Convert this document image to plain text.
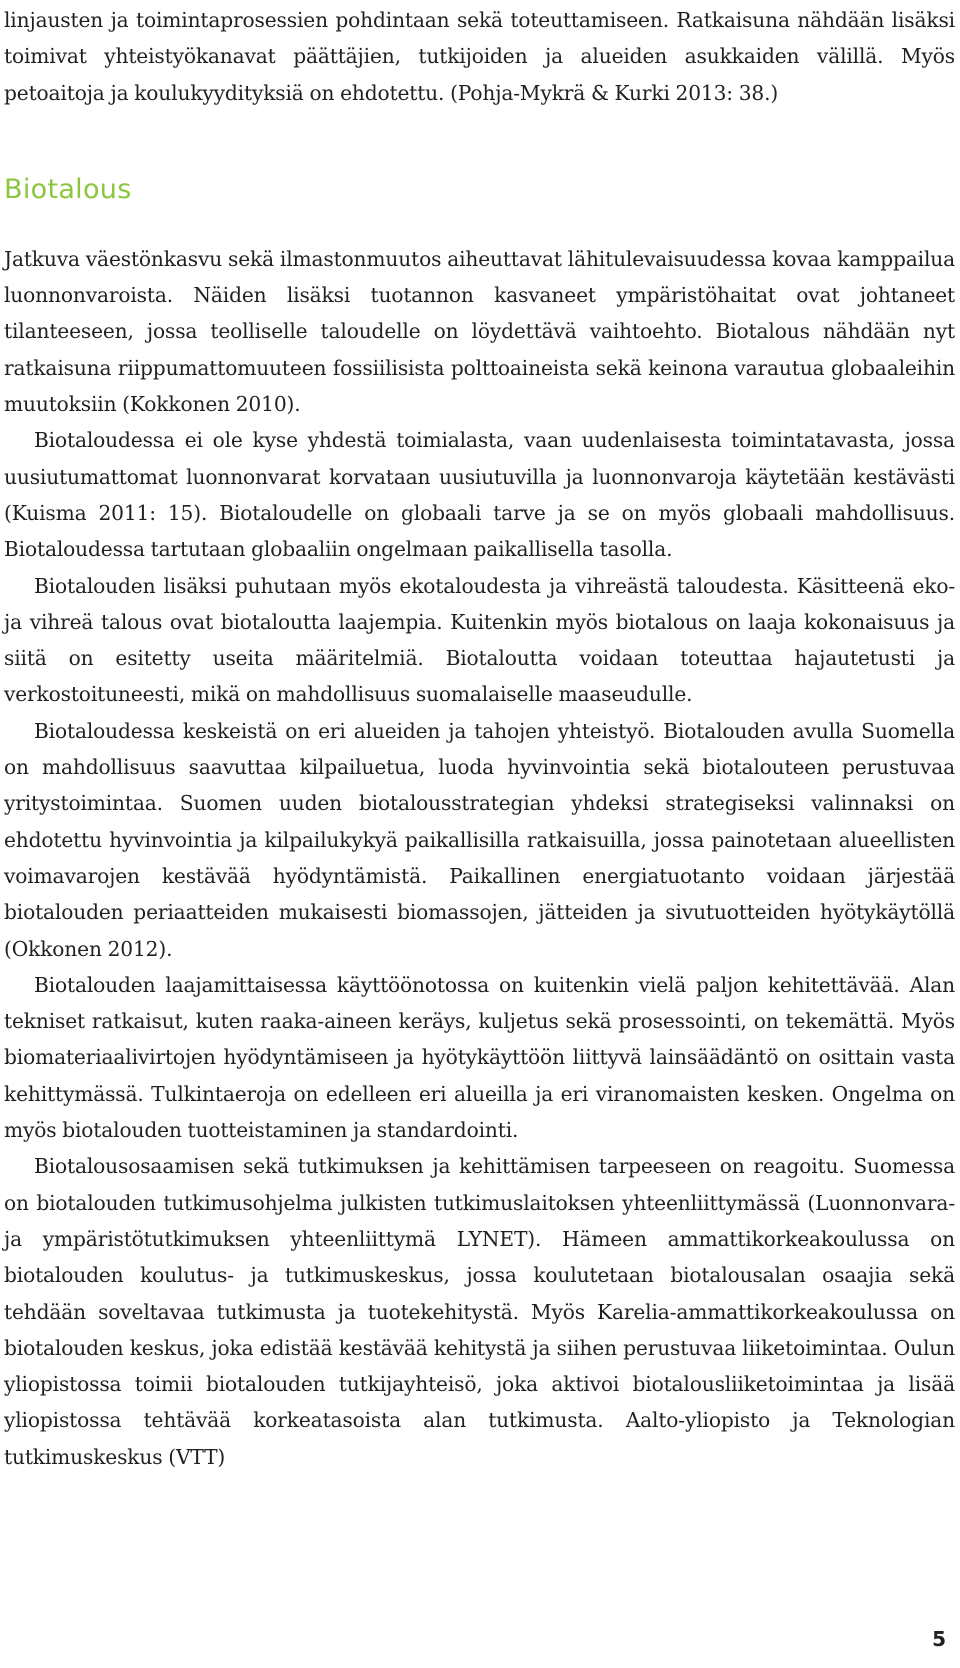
linjausten ja toimintaprosessien pohdintaan sekä toteuttamiseen. Ratkaisuna nähdään lisäksi toimivat yhteistyökanavat päättäjien, tutkijoiden ja alueiden asukkaiden välillä. Myös petoaitoja ja koulukyydityksiä on ehdotettu. (Pohja-Mykrä & Kurki 2013: 38.)

Biotalous

Jatkuva väestönkasvu sekä ilmastonmuutos aiheuttavat lähitulevaisuudessa kovaa kamppailua luonnonvaroista. Näiden lisäksi tuotannon kasvaneet ympäristöhaitat ovat johtaneet tilanteeseen, jossa teolliselle taloudelle on löydettävä vaihtoehto. Biotalous nähdään nyt ratkaisuna riippumattomuuteen fossiilisista polttoaineista sekä keinona varautua globaaleihin muutoksiin (Kokkonen 2010).

Biotaloudessa ei ole kyse yhdestä toimialasta, vaan uudenlaisesta toimintatavasta, jossa uusiutumattomat luonnonvarat korvataan uusiutuvilla ja luonnonvaroja käytetään kestävästi (Kuisma 2011: 15). Biotaloudelle on globaali tarve ja se on myös globaali mahdollisuus. Biotaloudessa tartutaan globaaliin ongelmaan paikallisella tasolla.

Biotalouden lisäksi puhutaan myös ekotaloudesta ja vihreästä taloudesta. Käsitteenä eko- ja vihreä talous ovat biotaloutta laajempia. Kuitenkin myös biotalous on laaja kokonaisuus ja siitä on esitetty useita määritelmiä. Biotaloutta voidaan toteuttaa hajautetusti ja verkostoituneesti, mikä on mahdollisuus suomalaiselle maaseudulle.

Biotaloudessa keskeistä on eri alueiden ja tahojen yhteistyö. Biotalouden avulla Suomella on mahdollisuus saavuttaa kilpailuetua, luoda hyvinvointia sekä biotalouteen perustuvaa yritystoimintaa. Suomen uuden biotalousstrategian yhdeksi strategiseksi valinnaksi on ehdotettu hyvinvointia ja kilpailukykyä paikallisilla ratkaisuilla, jossa painotetaan alueellisten voimavarojen kestävää hyödyntämistä. Paikallinen energiatuotanto voidaan järjestää biotalouden periaatteiden mukaisesti biomassojen, jätteiden ja sivutuotteiden hyötykäytöllä (Okkonen 2012).

Biotalouden laajamittaisessa käyttöönotossa on kuitenkin vielä paljon kehitettävää. Alan tekniset ratkaisut, kuten raaka-aineen keräys, kuljetus sekä prosessointi, on tekemättä. Myös biomateriaalivirtojen hyödyntämiseen ja hyötykäyttöön liittyvä lainsäädäntö on osittain vasta kehittymässä. Tulkintaeroja on edelleen eri alueilla ja eri viranomaisten kesken. Ongelma on myös biotalouden tuotteistaminen ja standardointi.

Biotalousosaamisen sekä tutkimuksen ja kehittämisen tarpeeseen on reagoitu. Suomessa on biotalouden tutkimusohjelma julkisten tutkimuslaitoksen yhteenliittymässä (Luonnonvara- ja ympäristötutkimuksen yhteenliittymä LYNET). Hämeen ammattikorkeakoulussa on biotalouden koulutus- ja tutkimuskeskus, jossa koulutetaan biotalousalan osaajia sekä tehdään soveltavaa tutkimusta ja tuotekehitystä. Myös Karelia-ammattikorkeakoulussa on biotalouden keskus, joka edistää kestävää kehitystä ja siihen perustuvaa liiketoimintaa. Oulun yliopistossa toimii biotalouden tutkijayhteisö, joka aktivoi biotalousliiketoimintaa ja lisää yliopistossa tehtävää korkeatasoista alan tutkimusta. Aalto-yliopisto ja Teknologian tutkimuskeskus (VTT)

5
